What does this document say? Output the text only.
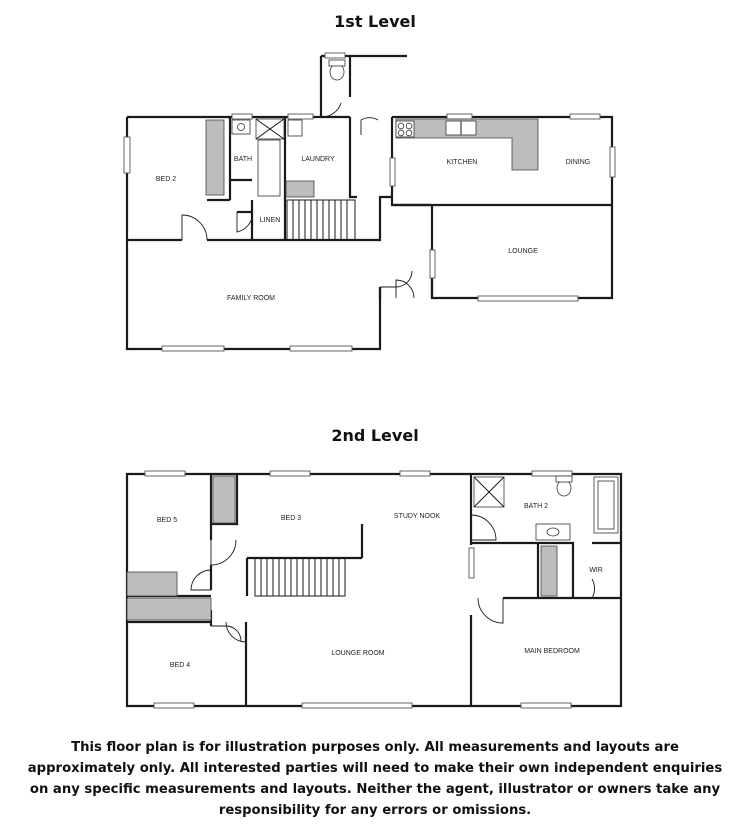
1st Level
2nd Level
BED 2
BATH	LAUNDRY
LINEN
KITCHEN	DINING
LOUNGE
FAMILY ROOM
BED 5	BED 3	STUDY NOOK
BATH 2
WIR
BED 4
LOUNGE ROOM	MAIN BEDROOM
This floor plan is for illustration purposes only. All measurements and layouts are approximately only. All interested parties will need to make their own independent enquiries on any specific measurements and layouts. Neither the agent, illustrator or owners take any responsibility for any errors or omissions.
